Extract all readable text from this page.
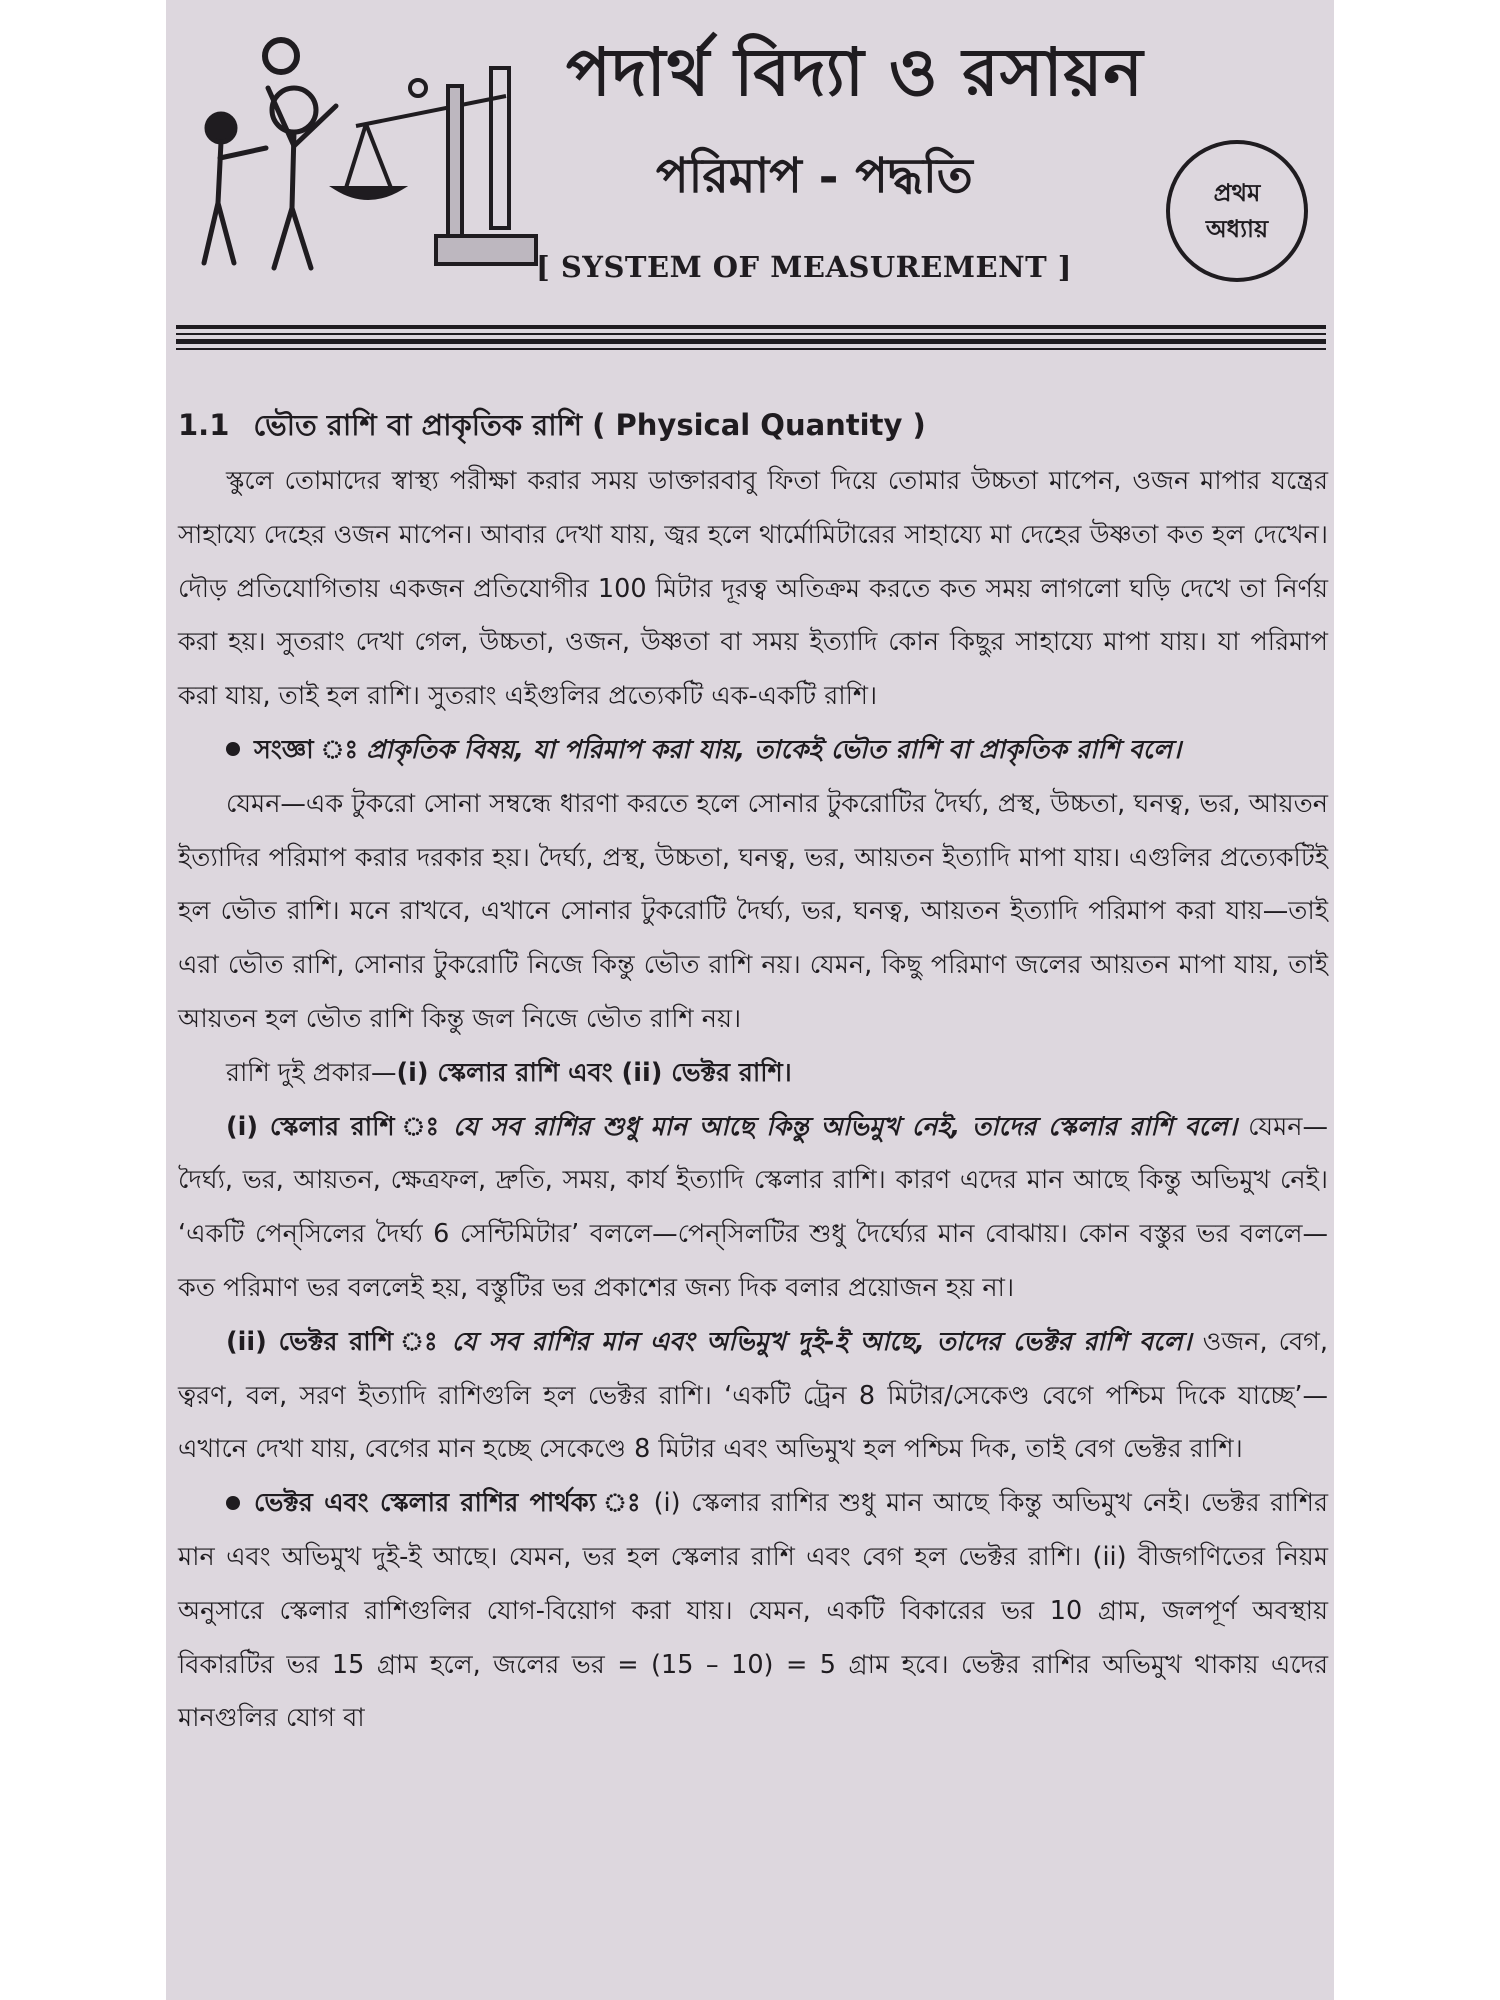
পদার্থ বিদ্যা ও রসায়ন
পরিমাপ - পদ্ধতি
[ SYSTEM OF MEASUREMENT ]
প্রথম
অধ্যায়
1.1 ভৌত রাশি বা প্রাকৃতিক রাশি ( Physical Quantity )

স্কুলে তোমাদের স্বাস্থ্য পরীক্ষা করার সময় ডাক্তারবাবু ফিতা দিয়ে তোমার উচ্চতা মাপেন, ওজন মাপার যন্ত্রের সাহায্যে দেহের ওজন মাপেন। আবার দেখা যায়, জ্বর হলে থার্মোমিটারের সাহায্যে মা দেহের উষ্ণতা কত হল দেখেন। দৌড় প্রতিযোগিতায় একজন প্রতিযোগীর 100 মিটার দূরত্ব অতিক্রম করতে কত সময় লাগলো ঘড়ি দেখে তা নির্ণয় করা হয়। সুতরাং দেখা গেল, উচ্চতা, ওজন, উষ্ণতা বা সময় ইত্যাদি কোন কিছুর সাহায্যে মাপা যায়। যা পরিমাপ করা যায়, তাই হল রাশি। সুতরাং এইগুলির প্রত্যেকটি এক-একটি রাশি।

সংজ্ঞা ঃ প্রাকৃতিক বিষয়, যা পরিমাপ করা যায়, তাকেই ভৌত রাশি বা প্রাকৃতিক রাশি বলে।

যেমন—এক টুকরো সোনা সম্বন্ধে ধারণা করতে হলে সোনার টুকরোটির দৈর্ঘ্য, প্রস্থ, উচ্চতা, ঘনত্ব, ভর, আয়তন ইত্যাদির পরিমাপ করার দরকার হয়। দৈর্ঘ্য, প্রস্থ, উচ্চতা, ঘনত্ব, ভর, আয়তন ইত্যাদি মাপা যায়। এগুলির প্রত্যেকটিই হল ভৌত রাশি। মনে রাখবে, এখানে সোনার টুকরোটি দৈর্ঘ্য, ভর, ঘনত্ব, আয়তন ইত্যাদি পরিমাপ করা যায়—তাই এরা ভৌত রাশি, সোনার টুকরোটি নিজে কিন্তু ভৌত রাশি নয়। যেমন, কিছু পরিমাণ জলের আয়তন মাপা যায়, তাই আয়তন হল ভৌত রাশি কিন্তু জল নিজে ভৌত রাশি নয়।

রাশি দুই প্রকার—(i) স্কেলার রাশি এবং (ii) ভেক্টর রাশি।

(i) স্কেলার রাশি ঃ যে সব রাশির শুধু মান আছে কিন্তু অভিমুখ নেই, তাদের স্কেলার রাশি বলে। যেমন—দৈর্ঘ্য, ভর, আয়তন, ক্ষেত্রফল, দ্রুতি, সময়, কার্য ইত্যাদি স্কেলার রাশি। কারণ এদের মান আছে কিন্তু অভিমুখ নেই। ‘একটি পেন্‌সিলের দৈর্ঘ্য 6 সেন্টিমিটার’ বললে—পেন্‌সিলটির শুধু দৈর্ঘ্যের মান বোঝায়। কোন বস্তুর ভর বললে—কত পরিমাণ ভর বললেই হয়, বস্তুটির ভর প্রকাশের জন্য দিক বলার প্রয়োজন হয় না।

(ii) ভেক্টর রাশি ঃ যে সব রাশির মান এবং অভিমুখ দুই-ই আছে, তাদের ভেক্টর রাশি বলে। ওজন, বেগ, ত্বরণ, বল, সরণ ইত্যাদি রাশিগুলি হল ভেক্টর রাশি। ‘একটি ট্রেন 8 মিটার/সেকেণ্ড বেগে পশ্চিম দিকে যাচ্ছে’—এখানে দেখা যায়, বেগের মান হচ্ছে সেকেণ্ডে 8 মিটার এবং অভিমুখ হল পশ্চিম দিক, তাই বেগ ভেক্টর রাশি।

ভেক্টর এবং স্কেলার রাশির পার্থক্য ঃ (i) স্কেলার রাশির শুধু মান আছে কিন্তু অভিমুখ নেই। ভেক্টর রাশির মান এবং অভিমুখ দুই-ই আছে। যেমন, ভর হল স্কেলার রাশি এবং বেগ হল ভেক্টর রাশি। (ii) বীজগণিতের নিয়ম অনুসারে স্কেলার রাশিগুলির যোগ-বিয়োগ করা যায়। যেমন, একটি বিকারের ভর 10 গ্রাম, জলপূর্ণ অবস্থায় বিকারটির ভর 15 গ্রাম হলে, জলের ভর = (15 – 10) = 5 গ্রাম হবে। ভেক্টর রাশির অভিমুখ থাকায় এদের মানগুলির যোগ বা
